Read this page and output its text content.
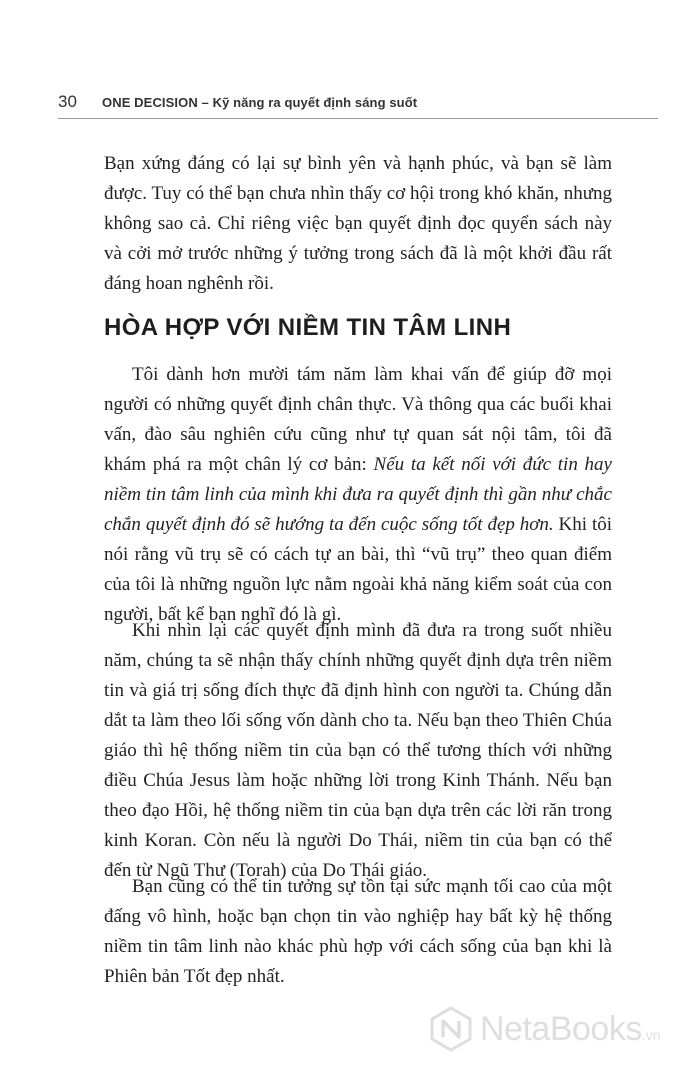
30 ONE DECISION – Kỹ năng ra quyết định sáng suốt
Bạn xứng đáng có lại sự bình yên và hạnh phúc, và bạn sẽ làm được. Tuy có thể bạn chưa nhìn thấy cơ hội trong khó khăn, nhưng không sao cả. Chỉ riêng việc bạn quyết định đọc quyển sách này và cởi mở trước những ý tưởng trong sách đã là một khởi đầu rất đáng hoan nghênh rồi.
HÒA HỢP VỚI NIỀM TIN TÂM LINH
Tôi dành hơn mười tám năm làm khai vấn để giúp đỡ mọi người có những quyết định chân thực. Và thông qua các buổi khai vấn, đào sâu nghiên cứu cũng như tự quan sát nội tâm, tôi đã khám phá ra một chân lý cơ bản: Nếu ta kết nối với đức tin hay niềm tin tâm linh của mình khi đưa ra quyết định thì gần như chắc chắn quyết định đó sẽ hướng ta đến cuộc sống tốt đẹp hơn. Khi tôi nói rằng vũ trụ sẽ có cách tự an bài, thì “vũ trụ” theo quan điểm của tôi là những nguồn lực nằm ngoài khả năng kiểm soát của con người, bất kể bạn nghĩ đó là gì.
Khi nhìn lại các quyết định mình đã đưa ra trong suốt nhiều năm, chúng ta sẽ nhận thấy chính những quyết định dựa trên niềm tin và giá trị sống đích thực đã định hình con người ta. Chúng dẫn dắt ta làm theo lối sống vốn dành cho ta. Nếu bạn theo Thiên Chúa giáo thì hệ thống niềm tin của bạn có thể tương thích với những điều Chúa Jesus làm hoặc những lời trong Kinh Thánh. Nếu bạn theo đạo Hồi, hệ thống niềm tin của bạn dựa trên các lời răn trong kinh Koran. Còn nếu là người Do Thái, niềm tin của bạn có thể đến từ Ngũ Thư (Torah) của Do Thái giáo.
Bạn cũng có thể tin tưởng sự tồn tại sức mạnh tối cao của một đấng vô hình, hoặc bạn chọn tin vào nghiệp hay bất kỳ hệ thống niềm tin tâm linh nào khác phù hợp với cách sống của bạn khi là Phiên bản Tốt đẹp nhất.
NetaBooks.vn
